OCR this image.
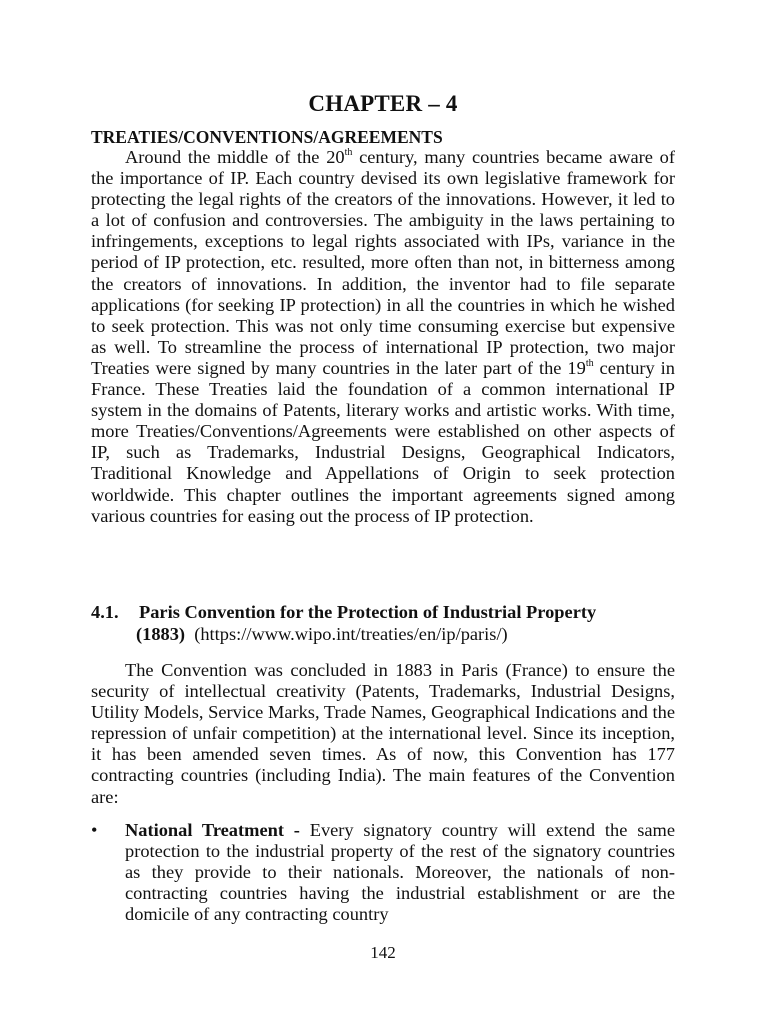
CHAPTER – 4
TREATIES/CONVENTIONS/AGREEMENTS

Around the middle of the 20th century, many countries became aware of the importance of IP. Each country devised its own legislative framework for protecting the legal rights of the creators of the innovations. However, it led to a lot of confusion and controversies. The ambiguity in the laws pertaining to infringements, exceptions to legal rights associated with IPs, variance in the period of IP protection, etc. resulted, more often than not, in bitterness among the creators of innovations. In addition, the inventor had to file separate applications (for seeking IP protection) in all the countries in which he wished to seek protection. This was not only time consuming exercise but expensive as well. To streamline the process of international IP protection, two major Treaties were signed by many countries in the later part of the 19th century in France. These Treaties laid the foundation of a common international IP system in the domains of Patents, literary works and artistic works. With time, more Treaties/Conventions/Agreements were established on other aspects of IP, such as Trademarks, Industrial Designs, Geographical Indicators, Traditional Knowledge and Appellations of Origin to seek protection worldwide. This chapter outlines the important agreements signed among various countries for easing out the process of IP protection.

4.1. Paris Convention for the Protection of Industrial Property
(1883) (https://www.wipo.int/treaties/en/ip/paris/)

The Convention was concluded in 1883 in Paris (France) to ensure the security of intellectual creativity (Patents, Trademarks, Industrial Designs, Utility Models, Service Marks, Trade Names, Geographical Indications and the repression of unfair competition) at the international level. Since its inception, it has been amended seven times. As of now, this Convention has 177 contracting countries (including India). The main features of the Convention are:

•	National Treatment - Every signatory country will extend the same protection to the industrial property of the rest of the signatory countries as they provide to their nationals. Moreover, the nationals of non-contracting countries having the industrial establishment or are the domicile of any contracting country
142
